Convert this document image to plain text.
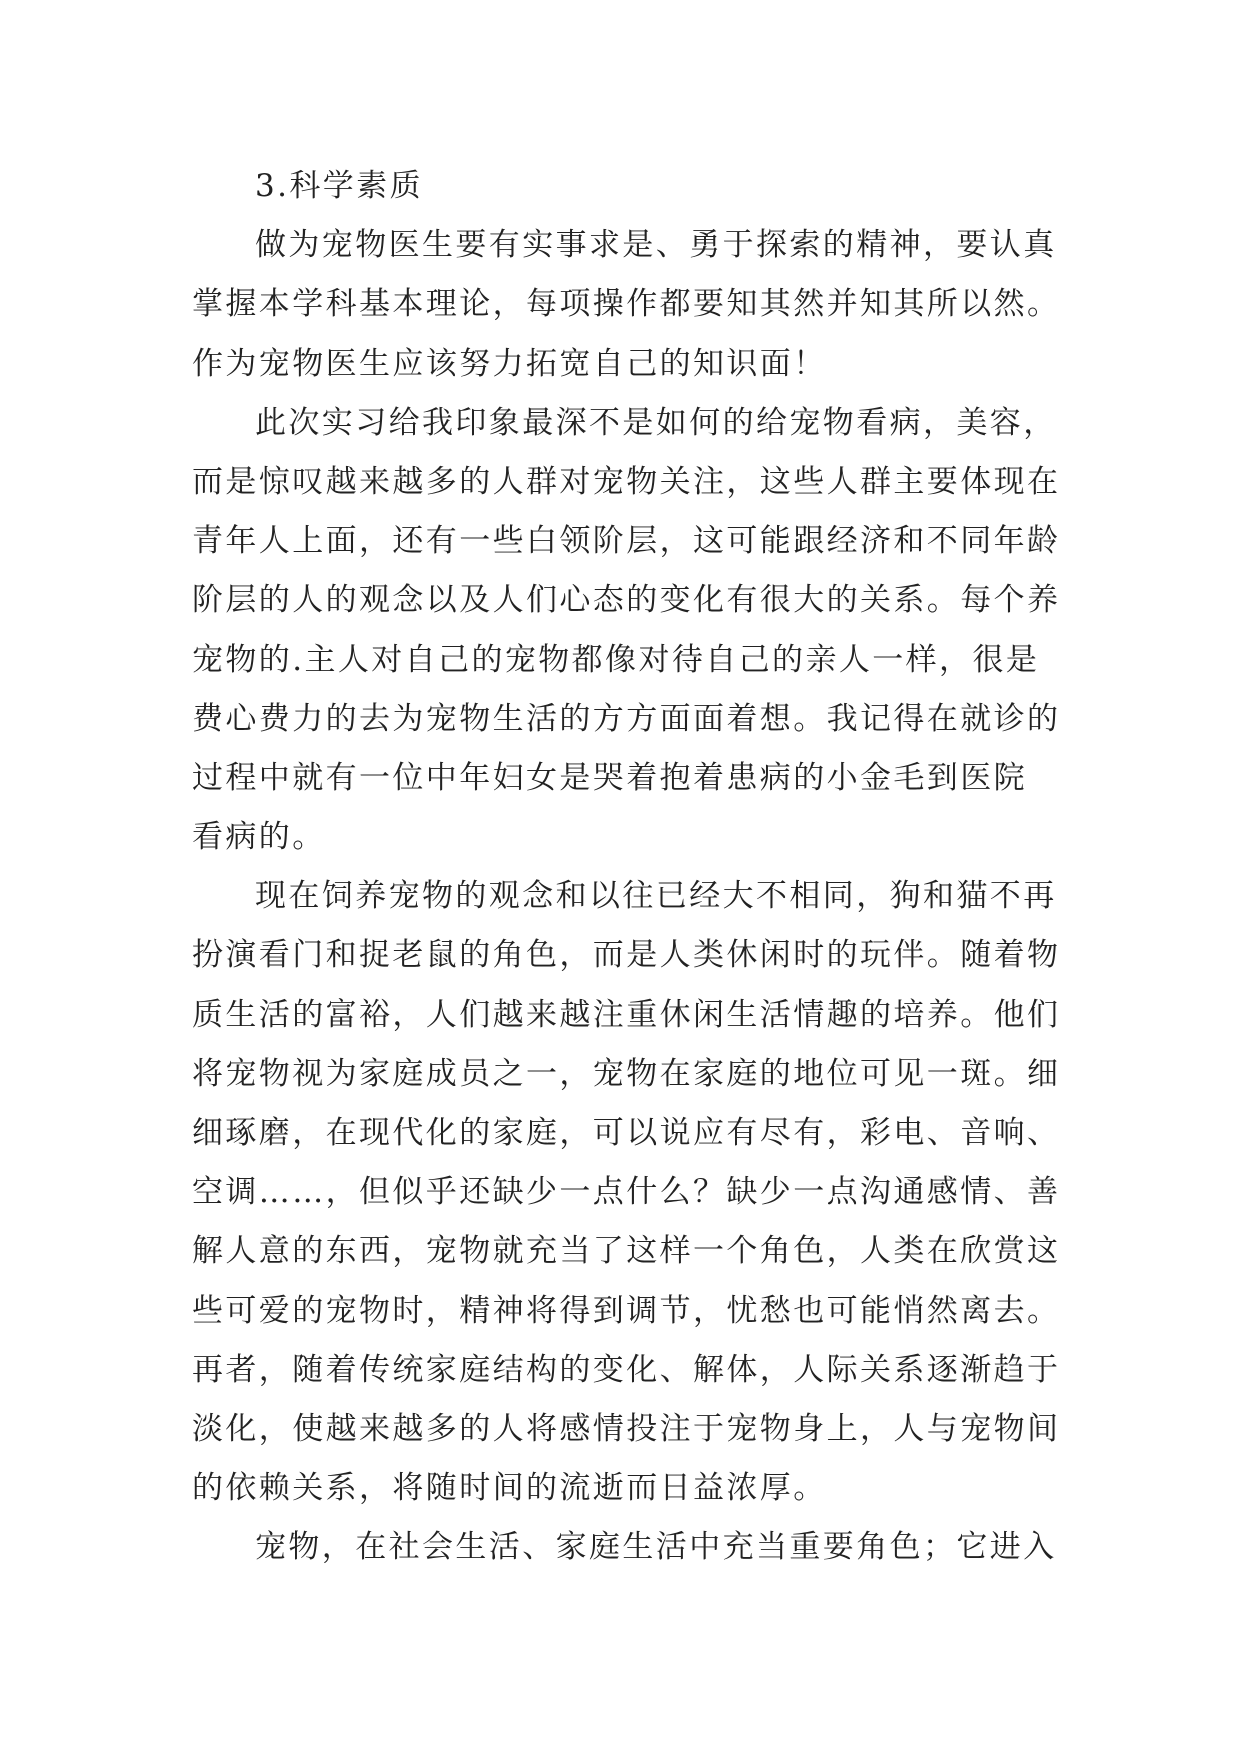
3.科学素质
做为宠物医生要有实事求是、勇于探索的精神，要认真
掌握本学科基本理论，每项操作都要知其然并知其所以然。
作为宠物医生应该努力拓宽自己的知识面！
此次实习给我印象最深不是如何的给宠物看病，美容，
而是惊叹越来越多的人群对宠物关注，这些人群主要体现在
青年人上面，还有一些白领阶层，这可能跟经济和不同年龄
阶层的人的观念以及人们心态的变化有很大的关系。每个养
宠物的.主人对自己的宠物都像对待自己的亲人一样，很是
费心费力的去为宠物生活的方方面面着想。我记得在就诊的
过程中就有一位中年妇女是哭着抱着患病的小金毛到医院
看病的。
现在饲养宠物的观念和以往已经大不相同，狗和猫不再
扮演看门和捉老鼠的角色，而是人类休闲时的玩伴。随着物
质生活的富裕，人们越来越注重休闲生活情趣的培养。他们
将宠物视为家庭成员之一，宠物在家庭的地位可见一斑。细
细琢磨，在现代化的家庭，可以说应有尽有，彩电、音响、
空调……，但似乎还缺少一点什么？缺少一点沟通感情、善
解人意的东西，宠物就充当了这样一个角色，人类在欣赏这
些可爱的宠物时，精神将得到调节，忧愁也可能悄然离去。
再者，随着传统家庭结构的变化、解体，人际关系逐渐趋于
淡化，使越来越多的人将感情投注于宠物身上，人与宠物间
的依赖关系，将随时间的流逝而日益浓厚。
宠物，在社会生活、家庭生活中充当重要角色；它进入
